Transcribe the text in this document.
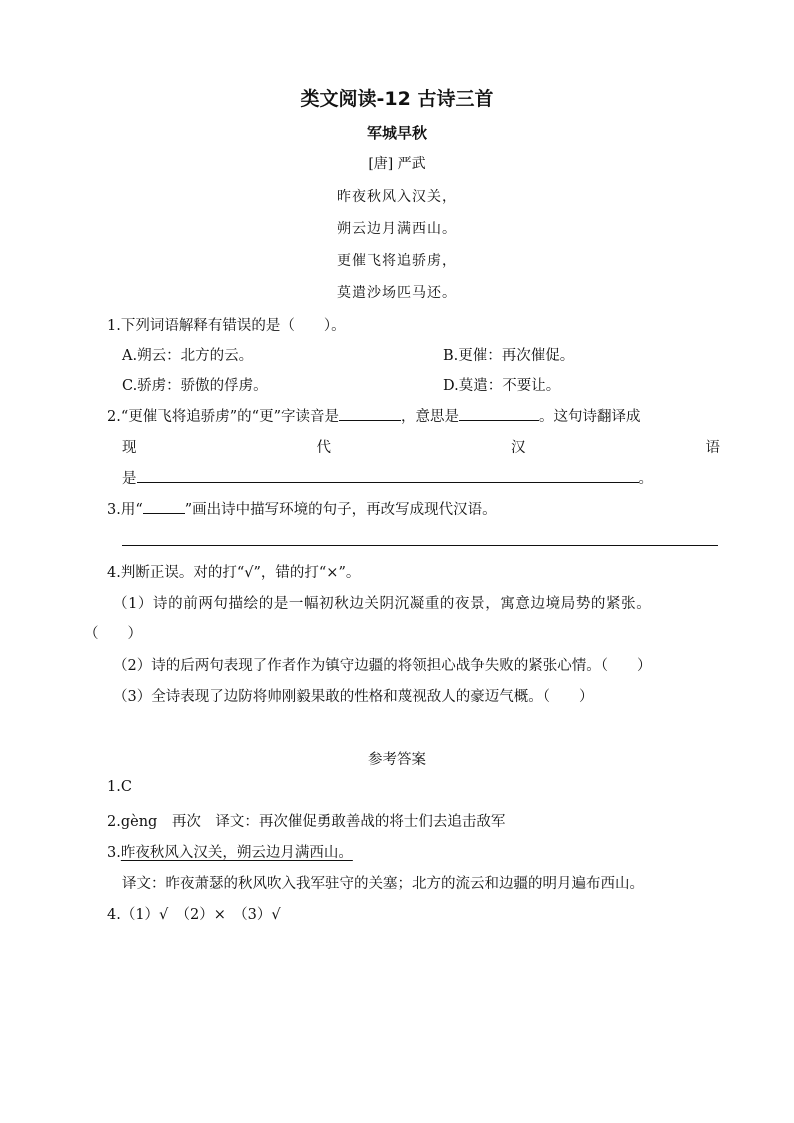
类文阅读-12 古诗三首
军城早秋
[唐] 严武
昨夜秋风入汉关，
朔云边月满西山。
更催飞将追骄虏，
莫遣沙场匹马还。
1.下列词语解释有错误的是（　　）。
A.朔云：北方的云。	B.更催：再次催促。
C.骄虏：骄傲的俘虏。	D.莫遣：不要让。
2.“更催飞将追骄虏”的“更”字读音是	，意思是	。这句诗翻译成
现	代	汉	语
是	。
3.用“	”画出诗中描写环境的句子，再改写成现代汉语。
4.判断正误。对的打“√”，错的打“×”。
（1）诗的前两句描绘的是一幅初秋边关阴沉凝重的夜景，寓意边境局势的紧张。
（　　）
（2）诗的后两句表现了作者作为镇守边疆的将领担心战争失败的紧张心情。（　　）
（3）全诗表现了边防将帅刚毅果敢的性格和蔑视敌人的豪迈气概。（　　）
参考答案
1.C
2.gèng　再次　译文：再次催促勇敢善战的将士们去追击敌军
3.昨夜秋风入汉关，朔云边月满西山。
译文：昨夜萧瑟的秋风吹入我军驻守的关塞；北方的流云和边疆的明月遍布西山。
4.（1）√　（2）×　（3）√
